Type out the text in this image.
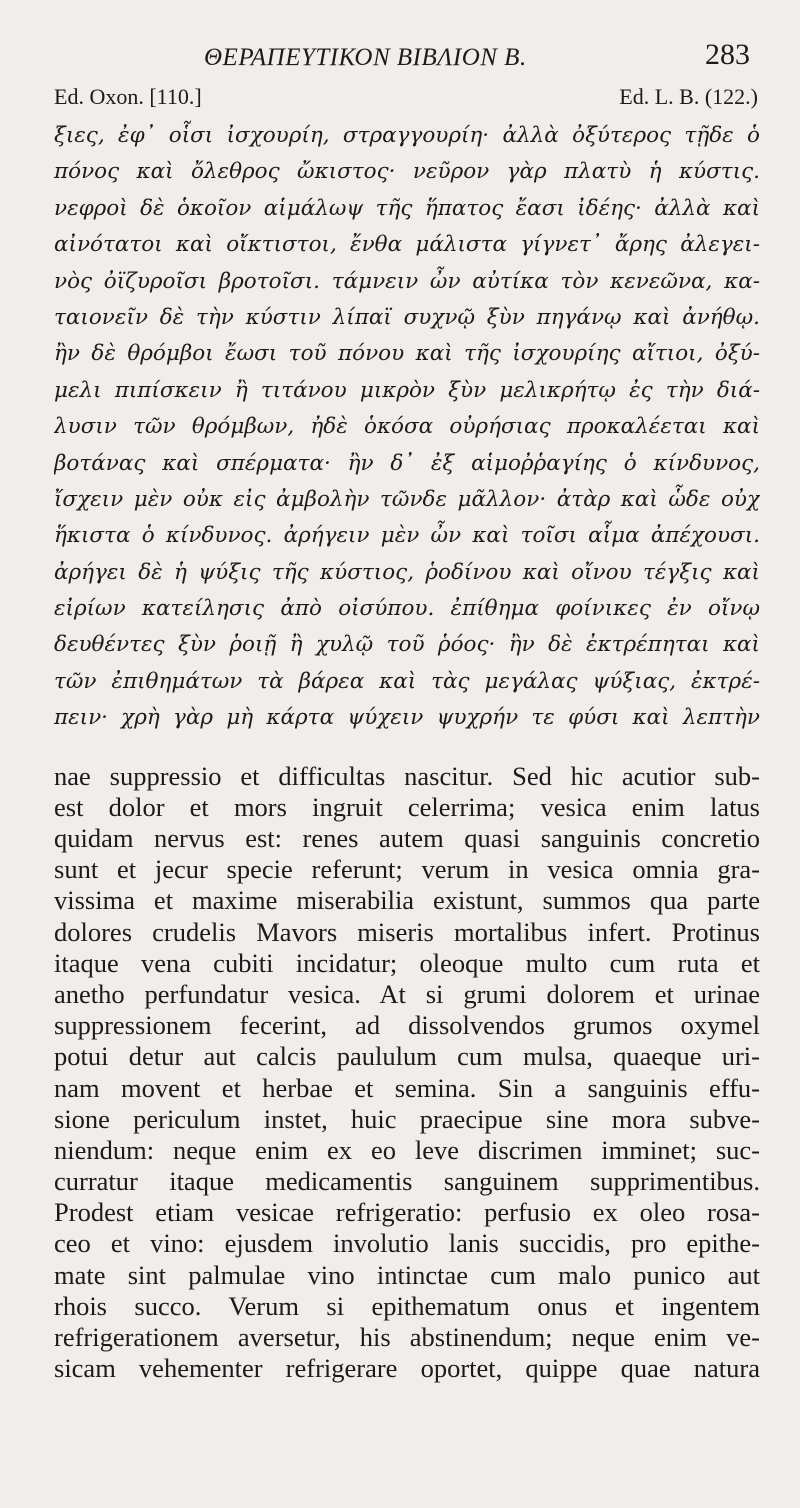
ΘΕΡΑΠΕΥΤΙΚΟΝ ΒΙΒΛΙΟΝ Β.	283
Ed. Oxon. [110.]	Ed. L. B. (122.)
ξιες, ἐφ᾽ οἷσι ἰσχουρίη, στραγγουρίη· ἀλλὰ ὀξύτερος τῇδε ὁ
πόνος καὶ ὄλεθρος ὤκιστος· νεῦρον γὰρ πλατὺ ἡ κύστις.
νεφροὶ δὲ ὁκοῖον αἱμάλωψ τῆς ἥπατος ἔασι ἰδέης· ἀλλὰ καὶ
αἰνότατοι καὶ οἴκτιστοι, ἔνθα μάλιστα γίγνετ᾽ ἄρης ἀλεγει-
νὸς ὀϊζυροῖσι βροτοῖσι. τάμνειν ὦν αὐτίκα τὸν κενεῶνα, κα-
ταιονεῖν δὲ τὴν κύστιν λίπαϊ συχνῷ ξὺν πηγάνῳ καὶ ἀνήθῳ.
ἢν δὲ θρόμβοι ἔωσι τοῦ πόνου καὶ τῆς ἰσχουρίης αἴτιοι, ὀξύ-
μελι πιπίσκειν ἢ τιτάνου μικρὸν ξὺν μελικρήτῳ ἐς τὴν διά-
λυσιν τῶν θρόμβων, ἠδὲ ὁκόσα οὐρήσιας προκαλέεται καὶ
βοτάνας καὶ σπέρματα· ἢν δ᾽ ἐξ αἱμοῤῥαγίης ὁ κίνδυνος,
ἴσχειν μὲν οὐκ εἰς ἀμβολὴν τῶνδε μᾶλλον· ἀτὰρ καὶ ὧδε οὐχ
ἥκιστα ὁ κίνδυνος. ἀρήγειν μὲν ὦν καὶ τοῖσι αἷμα ἀπέχουσι.
ἀρήγει δὲ ἡ ψύξις τῆς κύστιος, ῥοδίνου καὶ οἴνου τέγξις καὶ
εἰρίων κατείλησις ἀπὸ οἰσύπου. ἐπίθημα φοίνικες ἐν οἴνῳ
δευθέντες ξὺν ῥοιῇ ἢ χυλῷ τοῦ ῥόος· ἢν δὲ ἐκτρέπηται καὶ
τῶν ἐπιθημάτων τὰ βάρεα καὶ τὰς μεγάλας ψύξιας, ἐκτρέ-
πειν· χρὴ γὰρ μὴ κάρτα ψύχειν ψυχρήν τε φύσι καὶ λεπτὴν
nae suppressio et difficultas nascitur. Sed hic acutior sub-
est dolor et mors ingruit celerrima; vesica enim latus
quidam nervus est: renes autem quasi sanguinis concretio
sunt et jecur specie referunt; verum in vesica omnia gra-
vissima et maxime miserabilia existunt, summos qua parte
dolores crudelis Mavors miseris mortalibus infert. Protinus
itaque vena cubiti incidatur; oleoque multo cum ruta et
anetho perfundatur vesica. At si grumi dolorem et urinae
suppressionem fecerint, ad dissolvendos grumos oxymel
potui detur aut calcis paululum cum mulsa, quaeque uri-
nam movent et herbae et semina. Sin a sanguinis effu-
sione periculum instet, huic praecipue sine mora subve-
niendum: neque enim ex eo leve discrimen imminet; suc-
curratur itaque medicamentis sanguinem supprimentibus.
Prodest etiam vesicae refrigeratio: perfusio ex oleo rosa-
ceo et vino: ejusdem involutio lanis succidis, pro epithe-
mate sint palmulae vino intinctae cum malo punico aut
rhois succo. Verum si epithematum onus et ingentem
refrigerationem aversetur, his abstinendum; neque enim ve-
sicam vehementer refrigerare oportet, quippe quae natura
